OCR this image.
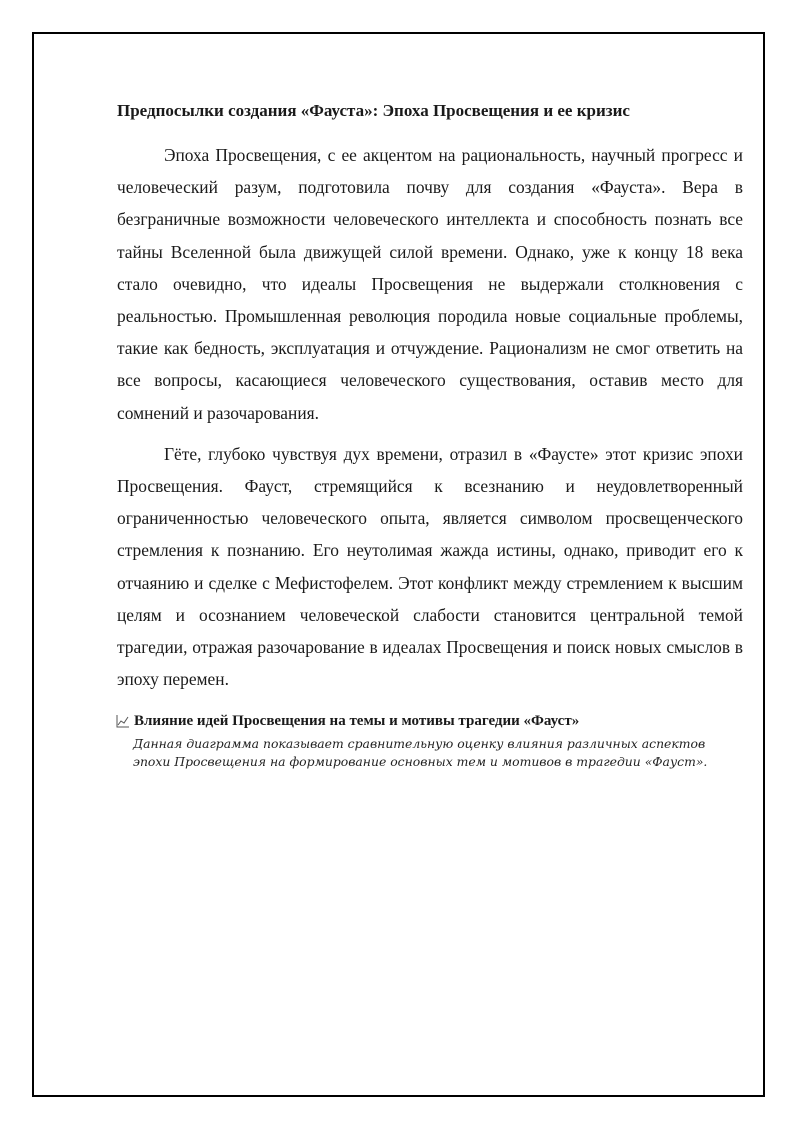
Предпосылки создания «Фауста»: Эпоха Просвещения и ее кризис

Эпоха Просвещения, с ее акцентом на рациональность, научный прогресс и человеческий разум, подготовила почву для создания «Фауста». Вера в безграничные возможности человеческого интеллекта и способность познать все тайны Вселенной была движущей силой времени. Однако, уже к концу 18 века стало очевидно, что идеалы Просвещения не выдержали столкновения с реальностью. Промышленная революция породила новые социальные проблемы, такие как бедность, эксплуатация и отчуждение. Рационализм не смог ответить на все вопросы, касающиеся человеческого существования, оставив место для сомнений и разочарования.

Гёте, глубоко чувствуя дух времени, отразил в «Фаусте» этот кризис эпохи Просвещения. Фауст, стремящийся к всезнанию и неудовлетворенный ограниченностью человеческого опыта, является символом просвещенческого стремления к познанию. Его неутолимая жажда истины, однако, приводит его к отчаянию и сделке с Мефистофелем. Этот конфликт между стремлением к высшим целям и осознанием человеческой слабости становится центральной темой трагедии, отражая разочарование в идеалах Просвещения и поиск новых смыслов в эпоху перемен.

Влияние идей Просвещения на темы и мотивы трагедии «Фауст»
Данная диаграмма показывает сравнительную оценку влияния различных аспектов эпохи Просвещения на формирование основных тем и мотивов в трагедии «Фауст».
